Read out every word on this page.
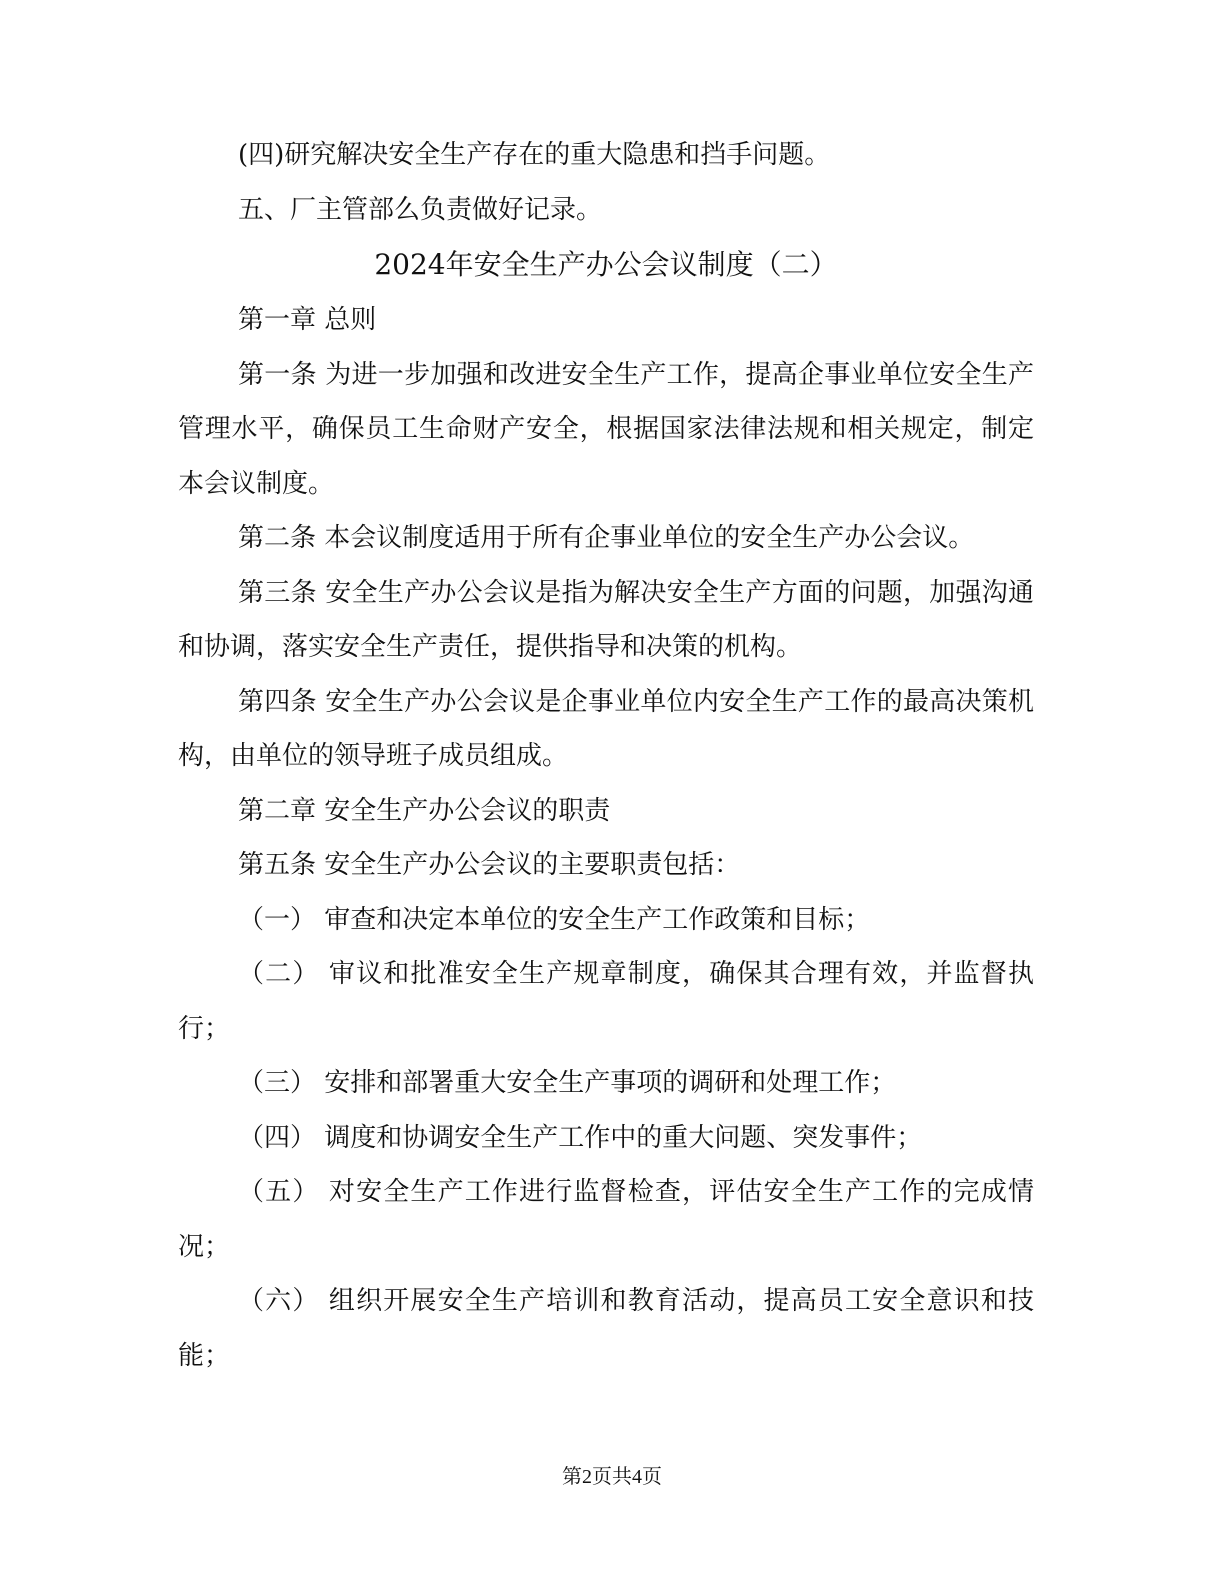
(四)研究解决安全生产存在的重大隐患和挡手问题。

五、厂主管部么负责做好记录。

2024年安全生产办公会议制度（二）

第一章 总则

第一条 为进一步加强和改进安全生产工作，提高企事业单位安全生产管理水平，确保员工生命财产安全，根据国家法律法规和相关规定，制定本会议制度。

第二条 本会议制度适用于所有企事业单位的安全生产办公会议。

第三条 安全生产办公会议是指为解决安全生产方面的问题，加强沟通和协调，落实安全生产责任，提供指导和决策的机构。

第四条 安全生产办公会议是企事业单位内安全生产工作的最高决策机构，由单位的领导班子成员组成。

第二章 安全生产办公会议的职责

第五条 安全生产办公会议的主要职责包括：

（一） 审查和决定本单位的安全生产工作政策和目标；

（二） 审议和批准安全生产规章制度，确保其合理有效，并监督执行；

（三） 安排和部署重大安全生产事项的调研和处理工作；

（四） 调度和协调安全生产工作中的重大问题、突发事件；

（五） 对安全生产工作进行监督检查，评估安全生产工作的完成情况；

（六） 组织开展安全生产培训和教育活动，提高员工安全意识和技能；

第2页共4页
